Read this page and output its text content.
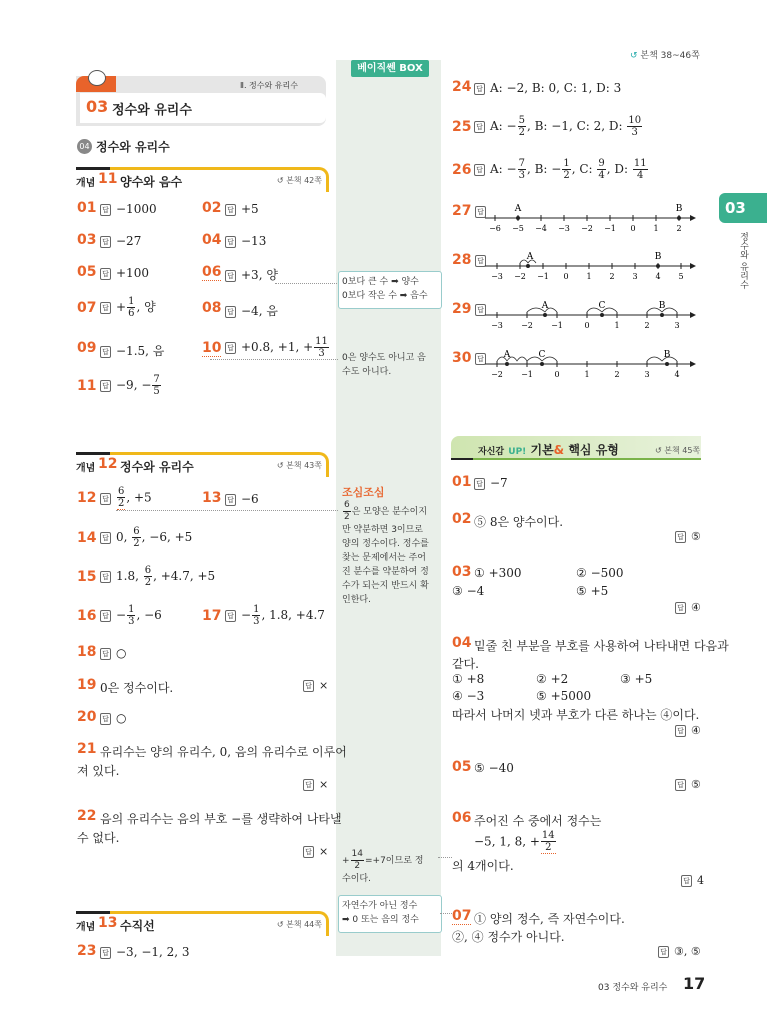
베이직쎈 BOX
↺ 본책 38~46쪽
Ⅱ. 정수와 유리수
03 정수와 유리수
04 정수와 유리수
03
정수와 유리수
개념 11 양수와 음수	↺ 본책 42쪽
01 답 −1000	02 답 +5
03 답 −27	04 답 −13
05 답 +100	06 답 +3, 양
07 답 + $\frac{1}{6}$ , 양	08 답 −4, 음
09 답 −1.5, 음	10 답 +0.8, +1, + $\frac{11}{3}$
11 답 −9, − $\frac{7}{5}$
개념 12 정수와 유리수	↺ 본책 43쪽
12 답 $\frac{6}{2}$ , +5	13 답 −6
14 답 0, $\frac{6}{2}$ , −6, +5
15 답 1.8, $\frac{6}{2}$ , +4.7, +5
16 답 − $\frac{1}{3}$ , −6	17 답 − $\frac{1}{3}$ , 1.8, +4.7
18 답 ○
19 0은 정수이다.	답 ×
20 답 ○
21 유리수는 양의 유리수, 0, 음의 유리수로 이루어
져 있다.
답 ×
22 음의 유리수는 음의 부호 −를 생략하여 나타낼
수 없다.
답 ×
개념 13 수직선	↺ 본책 44쪽
23 답 −3, −1, 2, 3
0보다 큰 수 ➡ 양수
0보다 작은 수 ➡ 음수
0은 양수도 아니고 음
수도 아니다.
조심조심
$\frac{6}{2}$ 은 모양은 분수이지
만 약분하면 3이므로
양의 정수이다. 정수를
찾는 문제에서는 주어
진 분수를 약분하여 정
수가 되는지 반드시 확
인한다.
+ $\frac{14}{2} =+7$이므로 정
수이다.
자연수가 아닌 정수
➡ 0 또는 음의 정수
24 답 A: −2, B: 0, C: 1, D: 3
25 답 A: − $\frac{5}{2}$ , B: −1, C: 2, D: $\frac{10}{3}$
26 답 A: − $\frac{7}{3}$ , B: − $\frac{1}{2}$ , C: $\frac{9}{4}$ , D: $\frac{11}{4}$
27 답	A	B
−6 −5 −4 −3 −2 −1 0 1 2
28 답	A	B
−3 −2 −1 0 1 2 3 4 5
29 답	A	C	B
−3 −2 −1	0	1	2	3
30 답 A	C	B
−2 −1	0	1	2	3	4
자신감 UP! 기본& 핵심 유형	↺ 본책 45쪽
01 답 −7
02 ⑤ 8은 양수이다.
답 ⑤
03 ① +300	② −500
③ −4	⑤ +5
답 ④
04 밑줄 친 부분을 부호를 사용하여 나타내면 다음과
같다.
① +8	② +2	③ +5
④ −3	⑤ +5000
따라서 나머지 넷과 부호가 다른 하나는 ④이다.
답 ④
05 ⑤ −40
답 ⑤
06 주어진 수 중에서 정수는
−5, 1, 8, + $\frac{14}{2}$
의 4개이다.
답 4
07 ① 양의 정수, 즉 자연수이다.
②, ④ 정수가 아니다.
답 ③, ⑤
03 정수와 유리수 17
